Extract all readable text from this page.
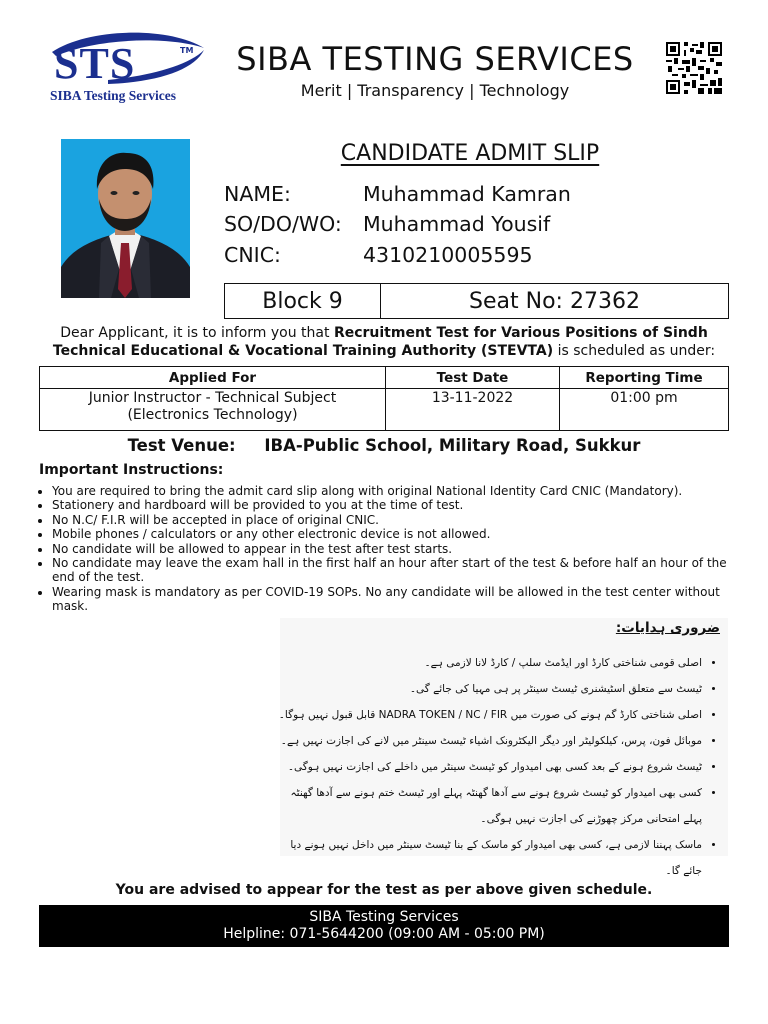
STS	TM
SIBA Testing Services
SIBA TESTING SERVICES
Merit | Transparency | Technology
CANDIDATE ADMIT SLIP
NAME:	Muhammad Kamran
SO/DO/WO: Muhammad Yousif
CNIC:	4310210005595
Block 9	Seat No: 27362
Dear Applicant, it is to inform you that Recruitment Test for Various Positions of Sindh Technical Educational & Vocational Training Authority (STEVTA) is scheduled as under:
Applied For	Test Date	Reporting Time

Junior Instructor - Technical Subject
(Electronics Technology)	13-11-2022	01:00 pm
Test Venue: IBA-Public School, Military Road, Sukkur
Important Instructions:
• You are required to bring the admit card slip along with original National Identity Card CNIC (Mandatory).
• Stationery and hardboard will be provided to you at the time of test.
• No N.C/ F.I.R will be accepted in place of original CNIC.
• Mobile phones / calculators or any other electronic device is not allowed.
• No candidate will be allowed to appear in the test after test starts.
• No candidate may leave the exam hall in the first half an hour after start of the test & before half an hour of the end of the test.
• Wearing mask is mandatory as per COVID-19 SOPs. No any candidate will be allowed in the test center without mask.
ضروری ہدایات:
• اصلی قومی شناختی کارڈ اور ایڈمٹ سلپ / کارڈ لانا لازمی ہے۔
• ٹیسٹ سے متعلق اسٹیشنری ٹیسٹ سینٹر پر ہی مہیا کی جائے گی۔
• اصلی شناختی کارڈ گم ہونے کی صورت میں NADRA TOKEN / NC / FIR قابل قبول نہیں ہوگا۔
• موبائل فون، پرس، کیلکولیٹر اور دیگر الیکٹرونک اشیاء ٹیسٹ سینٹر میں لانے کی اجازت نہیں ہے۔
• ٹیسٹ شروع ہونے کے بعد کسی بھی امیدوار کو ٹیسٹ سینٹر میں داخلے کی اجازت نہیں ہوگی۔
• کسی بھی امیدوار کو ٹیسٹ شروع ہونے سے آدھا گھنٹہ پہلے اور ٹیسٹ ختم ہونے سے آدھا گھنٹہ پہلے امتحانی مرکز چھوڑنے کی اجازت نہیں ہوگی۔
• ماسک پہننا لازمی ہے، کسی بھی امیدوار کو ماسک کے بنا ٹیسٹ سینٹر میں داخل نہیں ہونے دیا جائے گا۔
You are advised to appear for the test as per above given schedule.
SIBA Testing Services
Helpline: 071-5644200 (09:00 AM - 05:00 PM)
